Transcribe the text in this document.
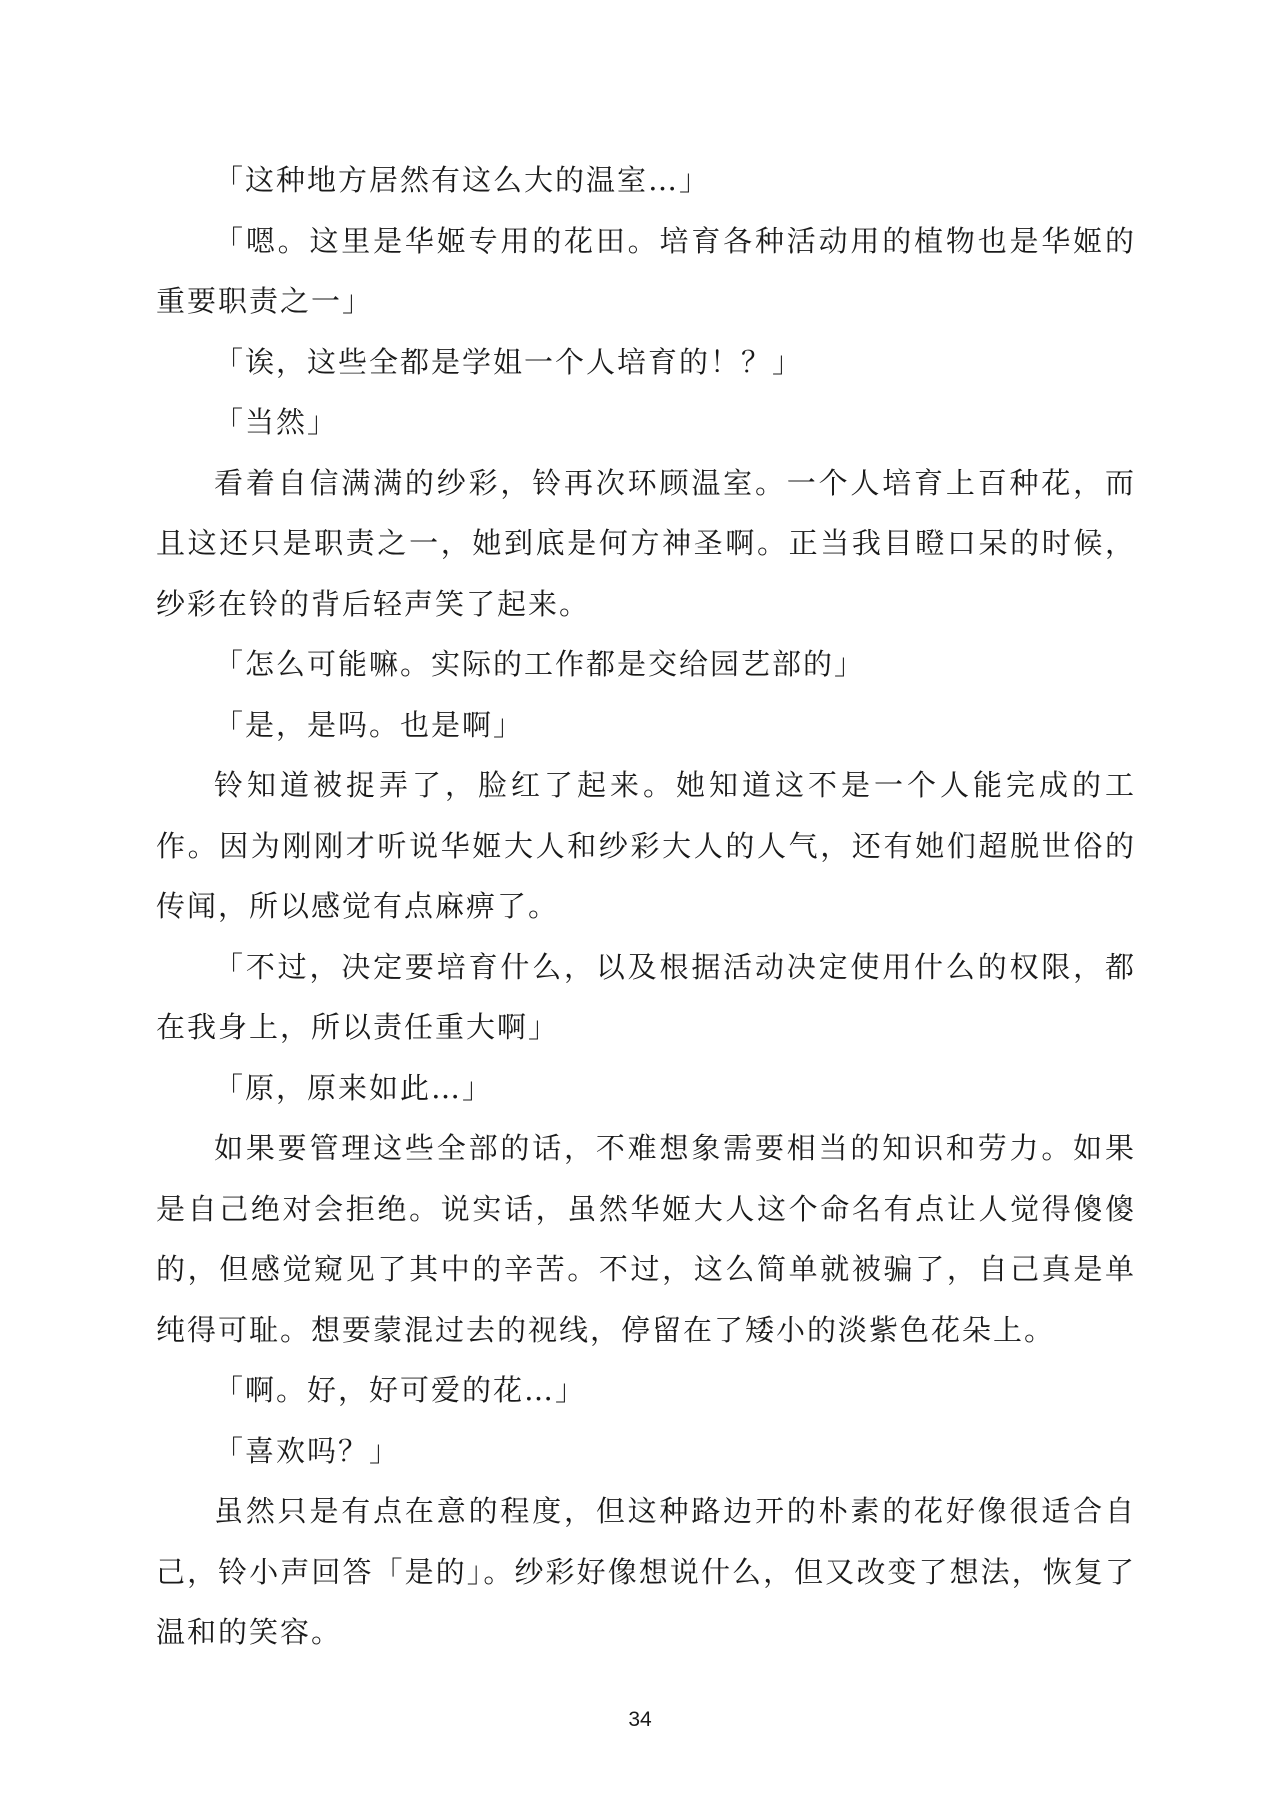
「这种地方居然有这么大的温室…」

「嗯。这里是华姬专用的花田。培育各种活动用的植物也是华姬的重要职责之一」

「诶，这些全都是学姐一个人培育的！？」

「当然」

看着自信满满的纱彩，铃再次环顾温室。一个人培育上百种花，而且这还只是职责之一，她到底是何方神圣啊。正当我目瞪口呆的时候，纱彩在铃的背后轻声笑了起来。

「怎么可能嘛。实际的工作都是交给园艺部的」

「是，是吗。也是啊」

铃知道被捉弄了，脸红了起来。她知道这不是一个人能完成的工作。因为刚刚才听说华姬大人和纱彩大人的人气，还有她们超脱世俗的传闻，所以感觉有点麻痹了。

「不过，决定要培育什么，以及根据活动决定使用什么的权限，都在我身上，所以责任重大啊」

「原，原来如此…」

如果要管理这些全部的话，不难想象需要相当的知识和劳力。如果是自己绝对会拒绝。说实话，虽然华姬大人这个命名有点让人觉得傻傻的，但感觉窥见了其中的辛苦。不过，这么简单就被骗了，自己真是单纯得可耻。想要蒙混过去的视线，停留在了矮小的淡紫色花朵上。

「啊。好，好可爱的花…」

「喜欢吗？」

虽然只是有点在意的程度，但这种路边开的朴素的花好像很适合自己，铃小声回答「是的」。纱彩好像想说什么，但又改变了想法，恢复了温和的笑容。

34
